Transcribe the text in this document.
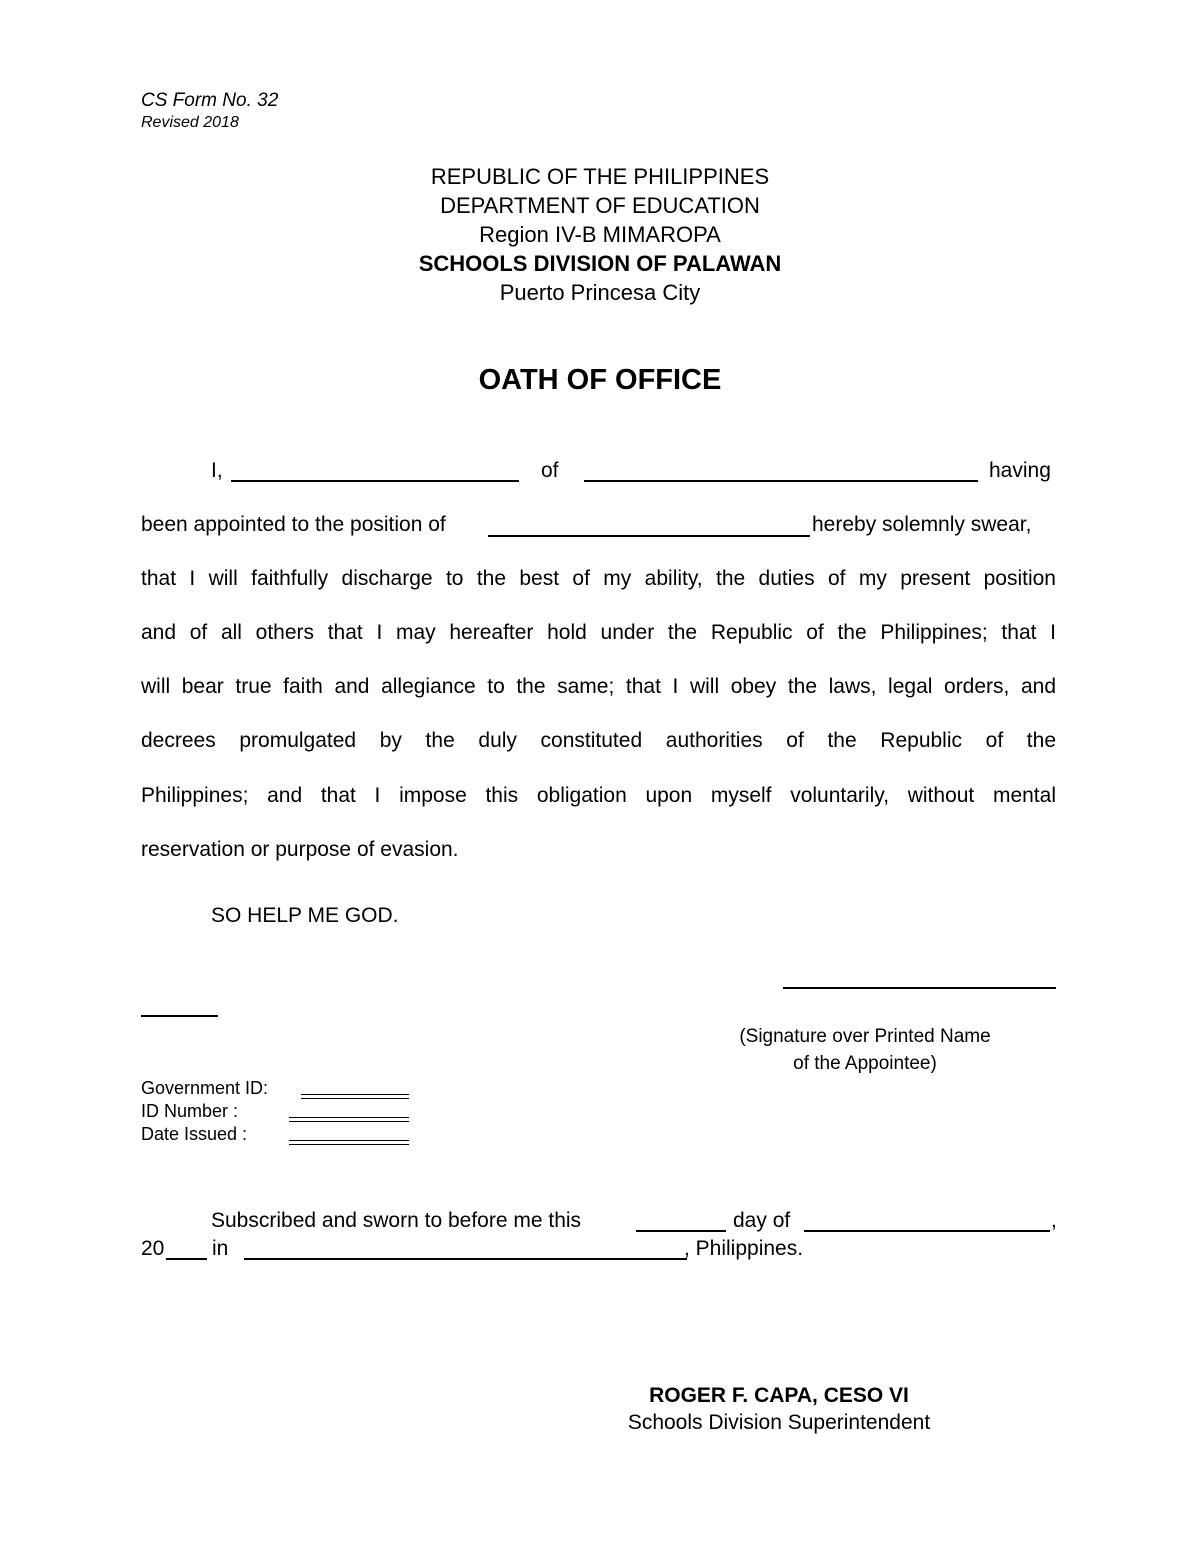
CS Form No. 32
Revised 2018
REPUBLIC OF THE PHILIPPINES
DEPARTMENT OF EDUCATION
Region IV-B MIMAROPA
SCHOOLS DIVISION OF PALAWAN
Puerto Princesa City
OATH OF OFFICE
I,	of	having
been appointed to the position of	hereby solemnly swear,
that I will faithfully discharge to the best of my ability, the duties of my present position
and of all others that I may hereafter hold under the Republic of the Philippines; that I
will bear true faith and allegiance to the same; that I will obey the laws, legal orders, and
decrees promulgated by the duly constituted authorities of the Republic of the
Philippines; and that I impose this obligation upon myself voluntarily, without mental
reservation or purpose of evasion.
SO HELP ME GOD.
(Signature over Printed Name
of the Appointee)
Government ID:
ID Number :
Date Issued :
Subscribed and sworn to before me this	day of	,
20 in	, Philippines.
ROGER F. CAPA, CESO VI
Schools Division Superintendent
